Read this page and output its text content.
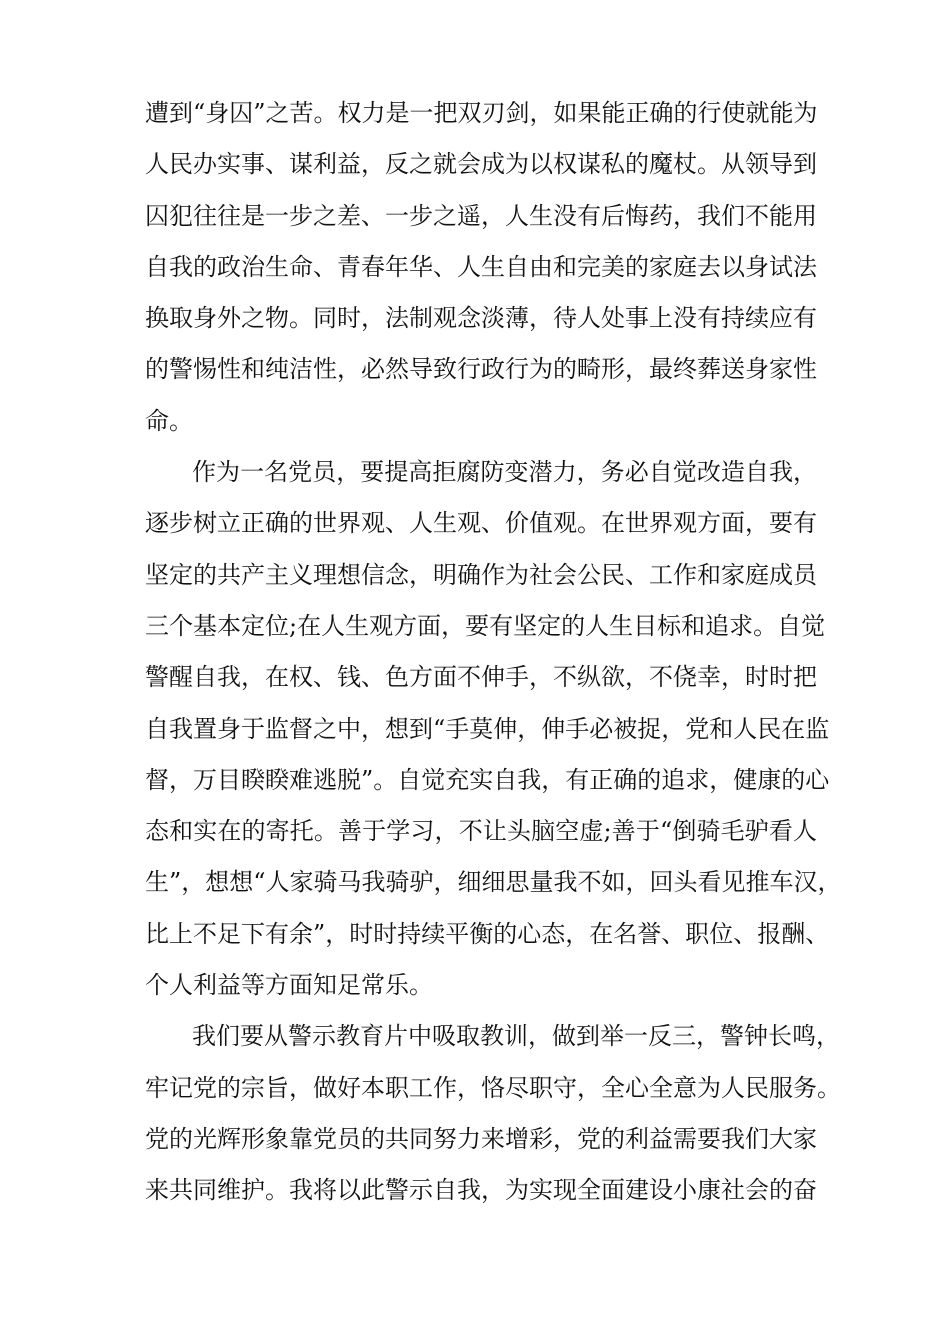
遭到“身囚”之苦。权力是一把双刃剑，如果能正确的行使就能为
人民办实事、谋利益，反之就会成为以权谋私的魔杖。从领导到
囚犯往往是一步之差、一步之遥，人生没有后悔药，我们不能用
自我的政治生命、青春年华、人生自由和完美的家庭去以身试法
换取身外之物。同时，法制观念淡薄，待人处事上没有持续应有
的警惕性和纯洁性，必然导致行政行为的畸形，最终葬送身家性
命。
作为一名党员，要提高拒腐防变潜力，务必自觉改造自我，
逐步树立正确的世界观、人生观、价值观。在世界观方面，要有
坚定的共产主义理想信念，明确作为社会公民、工作和家庭成员
三个基本定位;在人生观方面，要有坚定的人生目标和追求。自觉
警醒自我，在权、钱、色方面不伸手，不纵欲，不侥幸，时时把
自我置身于监督之中，想到“手莫伸，伸手必被捉，党和人民在监
督，万目睽睽难逃脱”。自觉充实自我，有正确的追求，健康的心
态和实在的寄托。善于学习，不让头脑空虚;善于“倒骑毛驴看人
生”，想想“人家骑马我骑驴，细细思量我不如，回头看见推车汉，
比上不足下有余”，时时持续平衡的心态，在名誉、职位、报酬、
个人利益等方面知足常乐。
我们要从警示教育片中吸取教训，做到举一反三，警钟长鸣，
牢记党的宗旨，做好本职工作，恪尽职守，全心全意为人民服务。
党的光辉形象靠党员的共同努力来增彩，党的利益需要我们大家
来共同维护。我将以此警示自我，为实现全面建设小康社会的奋
